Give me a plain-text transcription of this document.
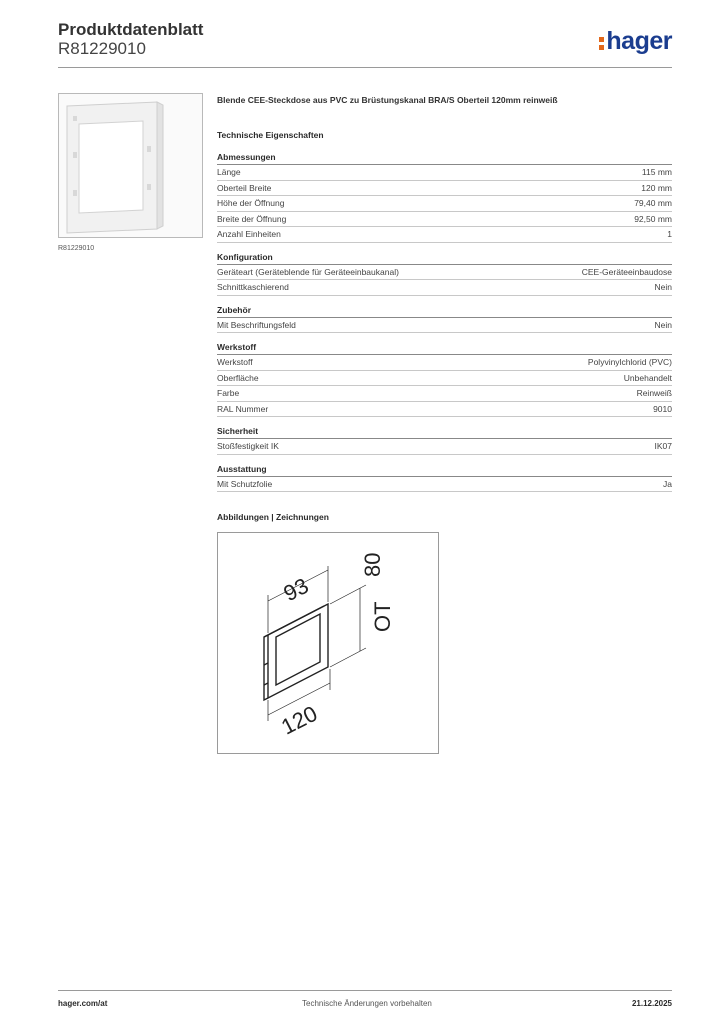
Produktdatenblatt
R81229010	hager
R81229010
Blende CEE-Steckdose aus PVC zu Brüstungskanal BRA/S Oberteil 120mm reinweiß
Technische Eigenschaften
Abmessungen
Länge	115 mm
Oberteil Breite	120 mm
Höhe der Öffnung	79,40 mm
Breite der Öffnung	92,50 mm
Anzahl Einheiten	1
Konfiguration
Geräteart (Geräteblende für Geräteeinbaukanal)	CEE-Geräteeinbaudose
Schnittkaschierend	Nein
Zubehör
Mit Beschriftungsfeld	Nein
Werkstoff
Werkstoff	Polyvinylchlorid (PVC)
Oberfläche	Unbehandelt
Farbe	Reinweiß
RAL Nummer	9010
Sicherheit
Stoßfestigkeit IK	IK07
Ausstattung
Mit Schutzfolie	Ja
Abbildungen | Zeichnungen
93
80
OT
120
hager.com/at	Technische Änderungen vorbehalten	21.12.2025
